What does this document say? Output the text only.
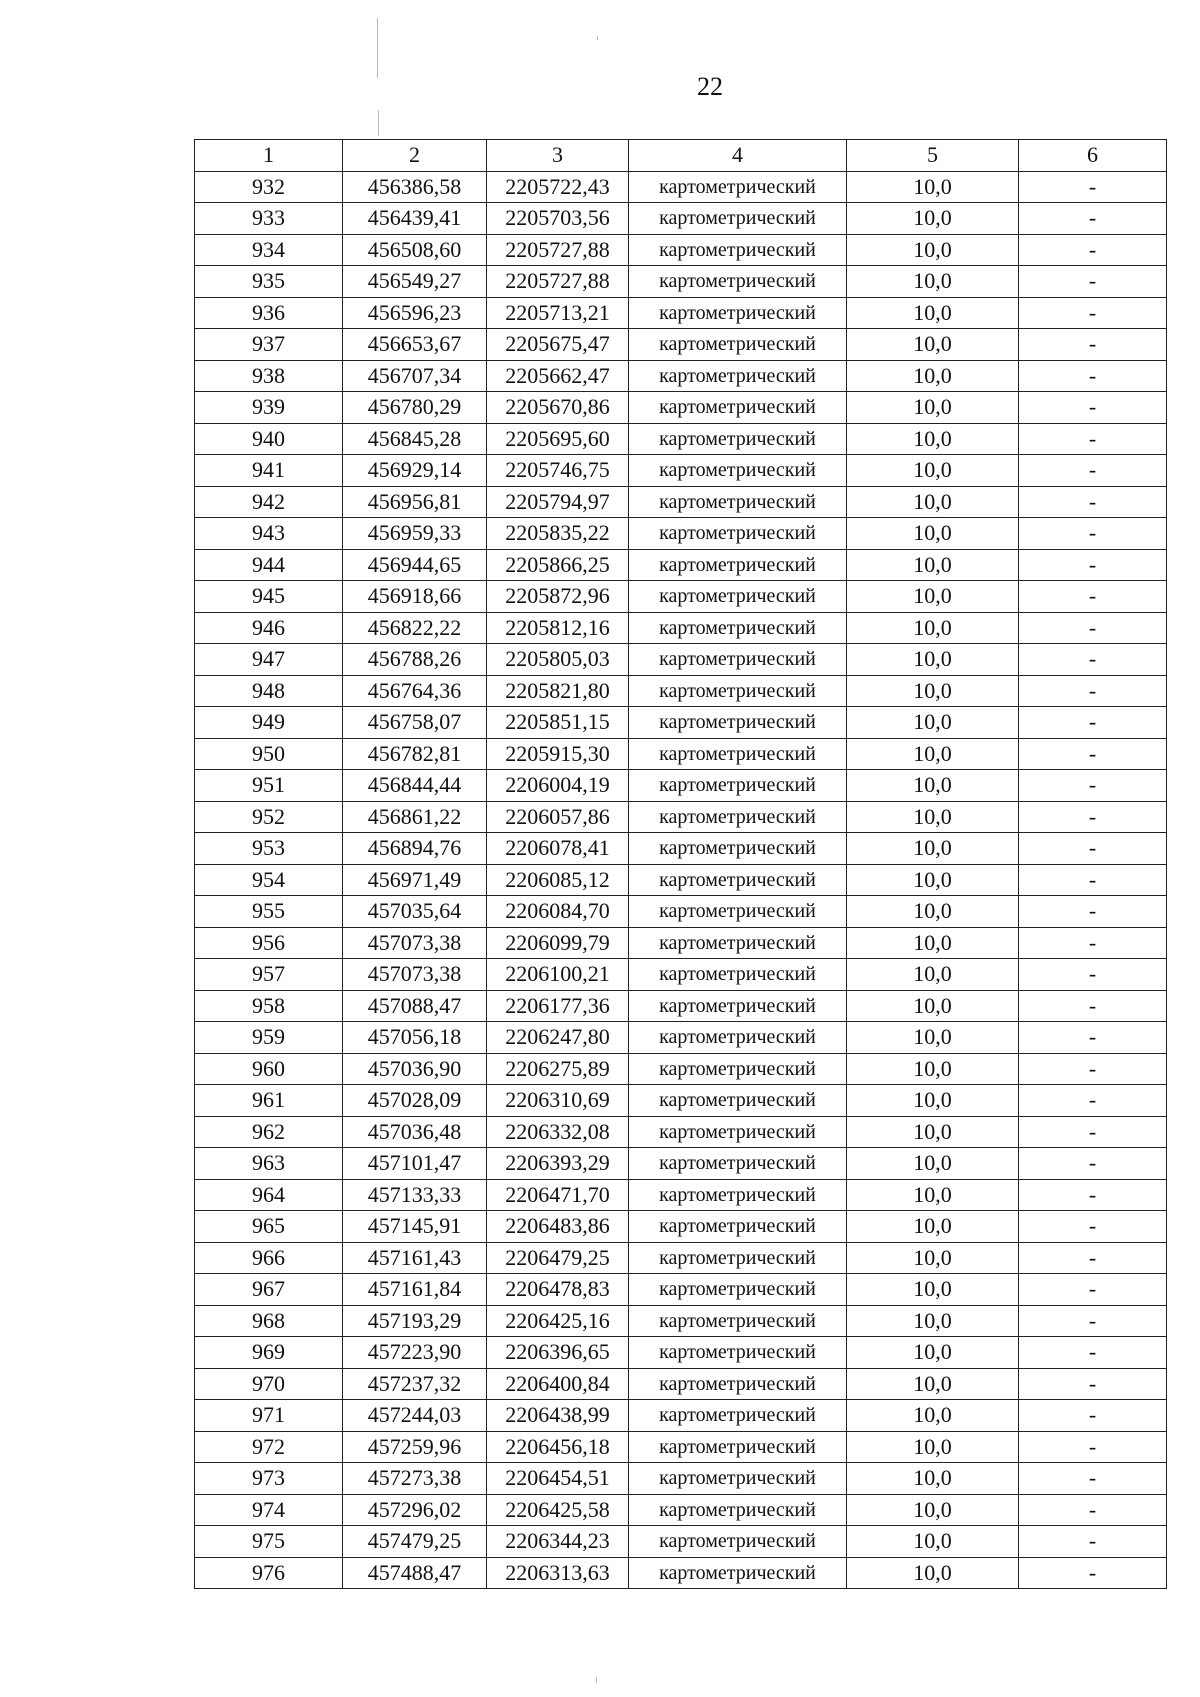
22
1	2	3	4	5	6
932	456386,58	2205722,43	картометрический	10,0	-
933	456439,41	2205703,56	картометрический	10,0	-
934	456508,60	2205727,88	картометрический	10,0	-
935	456549,27	2205727,88	картометрический	10,0	-
936	456596,23	2205713,21	картометрический	10,0	-
937	456653,67	2205675,47	картометрический	10,0	-
938	456707,34	2205662,47	картометрический	10,0	-
939	456780,29	2205670,86	картометрический	10,0	-
940	456845,28	2205695,60	картометрический	10,0	-
941	456929,14	2205746,75	картометрический	10,0	-
942	456956,81	2205794,97	картометрический	10,0	-
943	456959,33	2205835,22	картометрический	10,0	-
944	456944,65	2205866,25	картометрический	10,0	-
945	456918,66	2205872,96	картометрический	10,0	-
946	456822,22	2205812,16	картометрический	10,0	-
947	456788,26	2205805,03	картометрический	10,0	-
948	456764,36	2205821,80	картометрический	10,0	-
949	456758,07	2205851,15	картометрический	10,0	-
950	456782,81	2205915,30	картометрический	10,0	-
951	456844,44	2206004,19	картометрический	10,0	-
952	456861,22	2206057,86	картометрический	10,0	-
953	456894,76	2206078,41	картометрический	10,0	-
954	456971,49	2206085,12	картометрический	10,0	-
955	457035,64	2206084,70	картометрический	10,0	-
956	457073,38	2206099,79	картометрический	10,0	-
957	457073,38	2206100,21	картометрический	10,0	-
958	457088,47	2206177,36	картометрический	10,0	-
959	457056,18	2206247,80	картометрический	10,0	-
960	457036,90	2206275,89	картометрический	10,0	-
961	457028,09	2206310,69	картометрический	10,0	-
962	457036,48	2206332,08	картометрический	10,0	-
963	457101,47	2206393,29	картометрический	10,0	-
964	457133,33	2206471,70	картометрический	10,0	-
965	457145,91	2206483,86	картометрический	10,0	-
966	457161,43	2206479,25	картометрический	10,0	-
967	457161,84	2206478,83	картометрический	10,0	-
968	457193,29	2206425,16	картометрический	10,0	-
969	457223,90	2206396,65	картометрический	10,0	-
970	457237,32	2206400,84	картометрический	10,0	-
971	457244,03	2206438,99	картометрический	10,0	-
972	457259,96	2206456,18	картометрический	10,0	-
973	457273,38	2206454,51	картометрический	10,0	-
974	457296,02	2206425,58	картометрический	10,0	-
975	457479,25	2206344,23	картометрический	10,0	-
976	457488,47	2206313,63	картометрический	10,0	-
